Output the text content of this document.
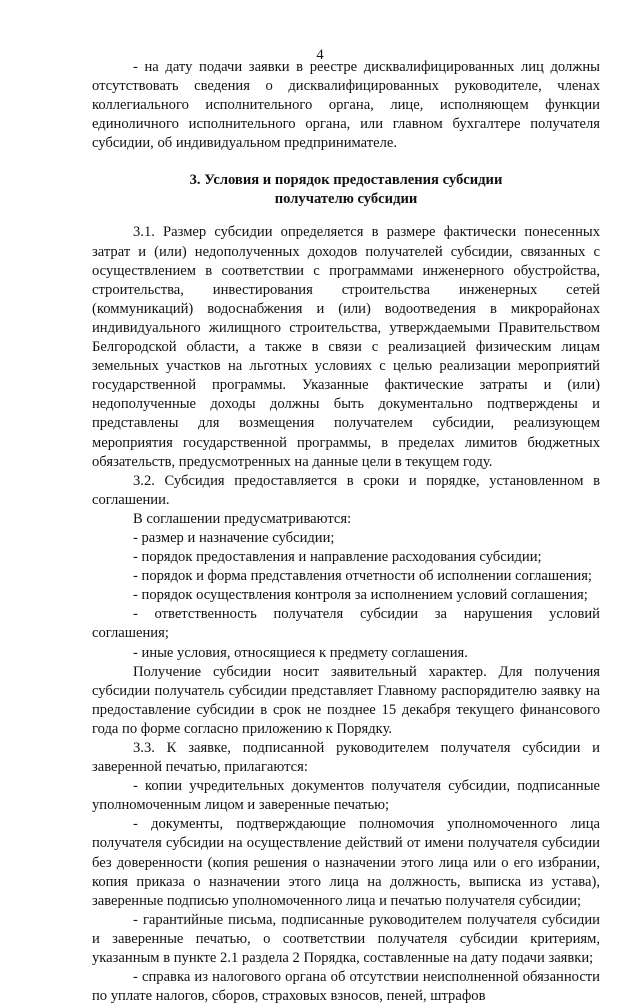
4

- на дату подачи заявки в реестре дисквалифицированных лиц должны отсутствовать сведения о дисквалифицированных руководителе, членах коллегиального исполнительного органа, лице, исполняющем функции единоличного исполнительного органа, или главном бухгалтере получателя субсидии, об индивидуальном предпринимателе.

3. Условия и порядок предоставления субсидии
получателю субсидии

3.1. Размер субсидии определяется в размере фактически понесенных затрат и (или) недополученных доходов получателей субсидии, связанных с осуществлением в соответствии с программами инженерного обустройства, строительства, инвестирования строительства инженерных сетей (коммуникаций) водоснабжения и (или) водоотведения в микрорайонах индивидуального жилищного строительства, утверждаемыми Правительством Белгородской области, а также в связи с реализацией физическим лицам земельных участков на льготных условиях с целью реализации мероприятий государственной программы. Указанные фактические затраты и (или) недополученные доходы должны быть документально подтверждены и представлены для возмещения получателем субсидии, реализующем мероприятия государственной программы, в пределах лимитов бюджетных обязательств, предусмотренных на данные цели в текущем году.

3.2. Субсидия предоставляется в сроки и порядке, установленном в соглашении.

В соглашении предусматриваются:

- размер и назначение субсидии;

- порядок предоставления и направление расходования субсидии;

- порядок и форма представления отчетности об исполнении соглашения;

- порядок осуществления контроля за исполнением условий соглашения;

- ответственность получателя субсидии за нарушения условий соглашения;

- иные условия, относящиеся к предмету соглашения.

Получение субсидии носит заявительный характер. Для получения субсидии получатель субсидии представляет Главному распорядителю заявку на предоставление субсидии в срок не позднее 15 декабря текущего финансового года по форме согласно приложению к Порядку.

3.3. К заявке, подписанной руководителем получателя субсидии и заверенной печатью, прилагаются:

- копии учредительных документов получателя субсидии, подписанные уполномоченным лицом и заверенные печатью;

- документы, подтверждающие полномочия уполномоченного лица получателя субсидии на осуществление действий от имени получателя субсидии без доверенности (копия решения о назначении этого лица или о его избрании, копия приказа о назначении этого лица на должность, выписка из устава), заверенные подписью уполномоченного лица и печатью получателя субсидии;

- гарантийные письма, подписанные руководителем получателя субсидии и заверенные печатью, о соответствии получателя субсидии критериям, указанным в пункте 2.1 раздела 2 Порядка, составленные на дату подачи заявки;

- справка из налогового органа об отсутствии неисполненной обязанности по уплате налогов, сборов, страховых взносов, пеней, штрафов
